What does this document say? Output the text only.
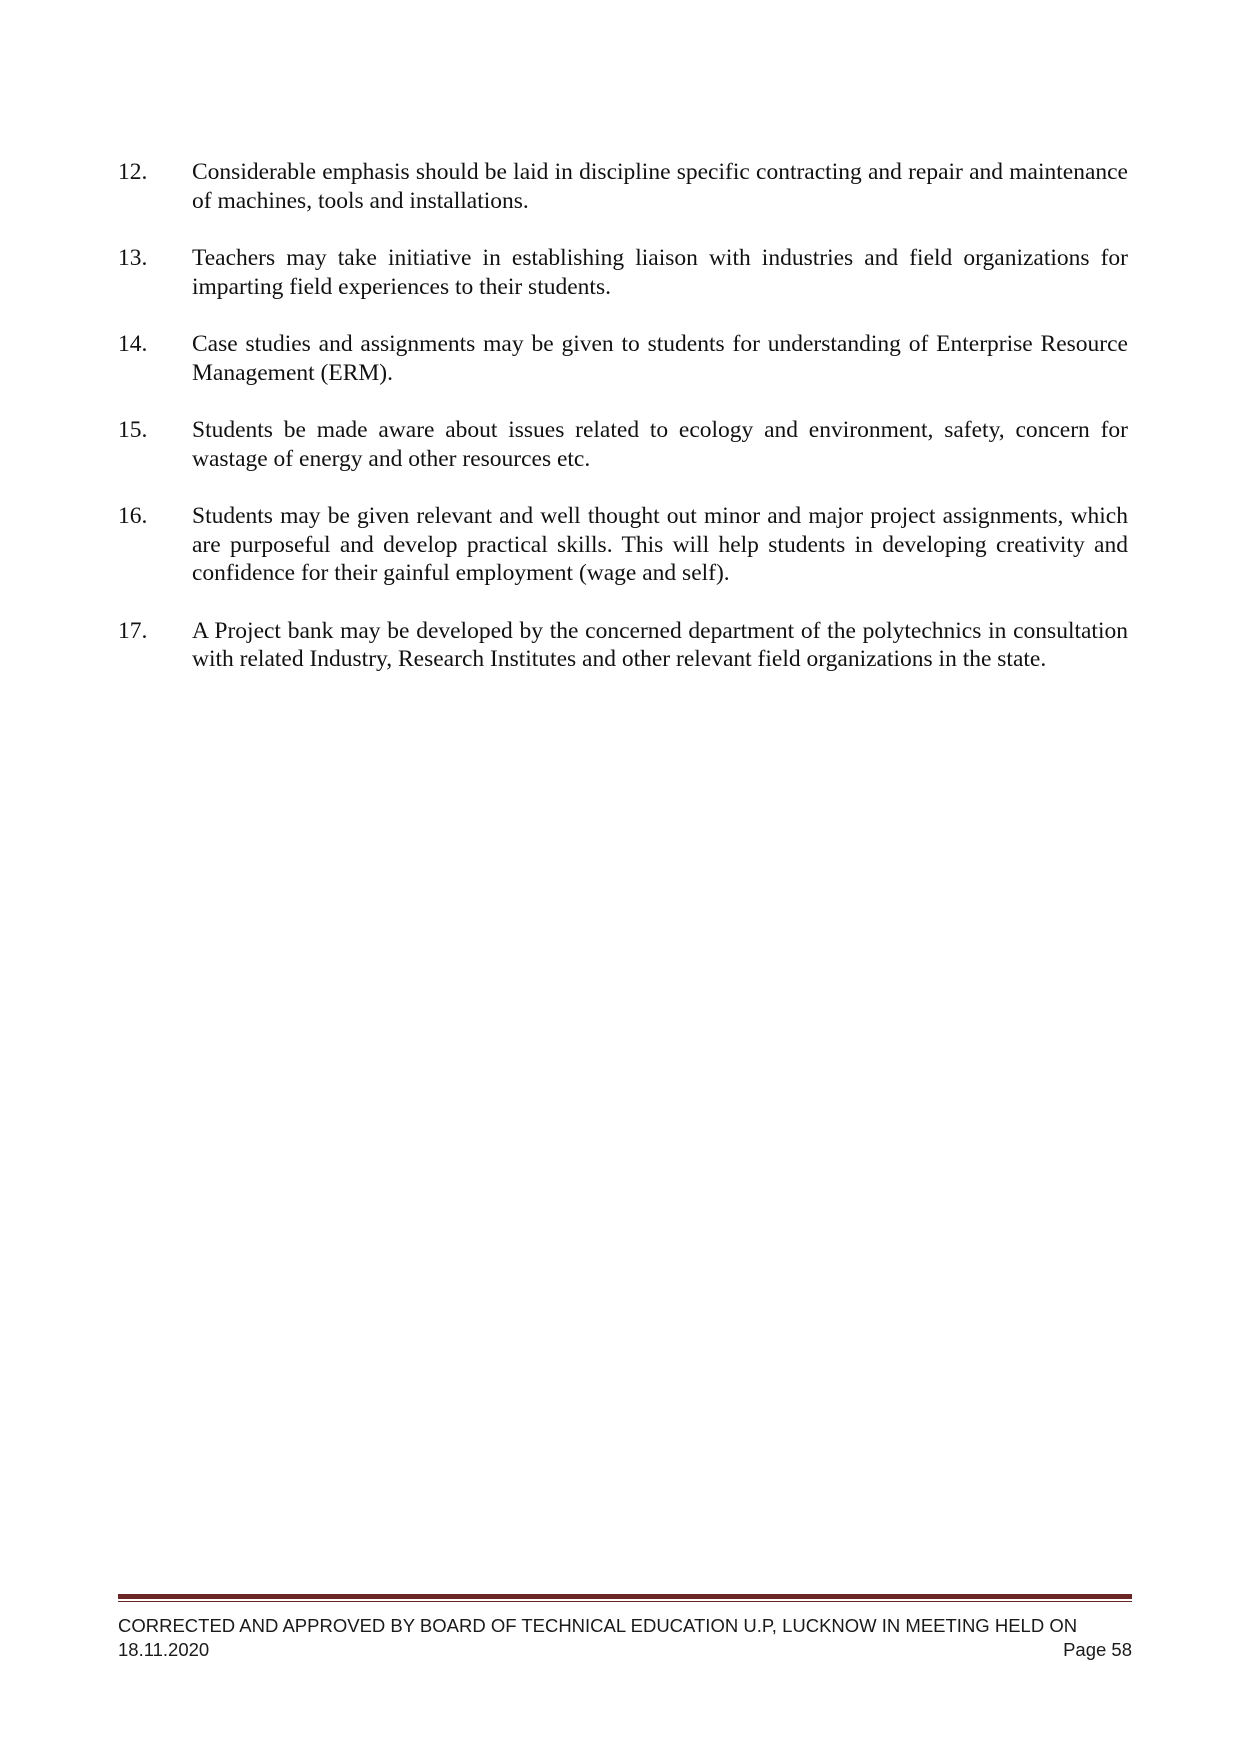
12.	Considerable emphasis should be laid in discipline specific contracting and repair and maintenance of machines, tools and installations.
13.	Teachers may take initiative in establishing liaison with industries and field organizations for imparting field experiences to their students.
14.	Case studies and assignments may be given to students for understanding of Enterprise Resource Management (ERM).
15.	Students be made aware about issues related to ecology and environment, safety, concern for wastage of energy and other resources etc.
16.	Students may be given relevant and well thought out minor and major project assignments, which are purposeful and develop practical skills. This will help students in developing creativity and confidence for their gainful employment (wage and self).
17.	A Project bank may be developed by the concerned department of the polytechnics in consultation with related Industry, Research Institutes and other relevant field organizations in the state.
CORRECTED AND APPROVED BY BOARD OF TECHNICAL EDUCATION U.P, LUCKNOW IN MEETING HELD ON
18.11.2020	Page 58
